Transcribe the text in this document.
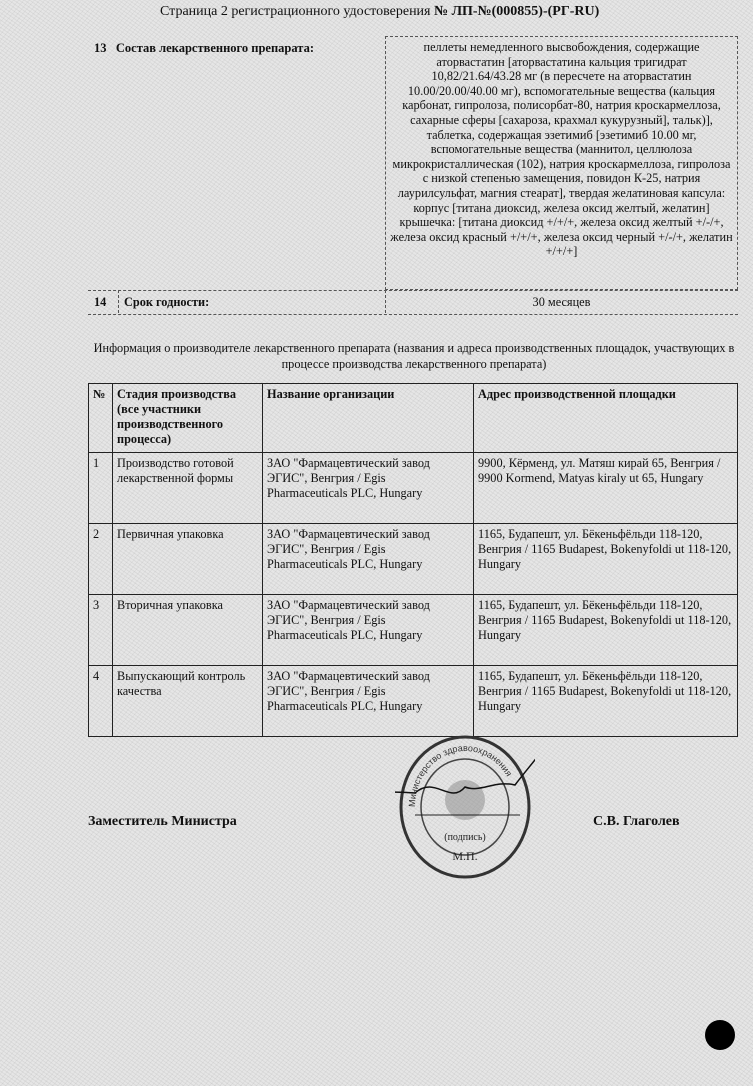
Страница 2 регистрационного удостоверения № ЛП-№(000855)-(РГ-RU)
13 Состав лекарственного препарата:	пеллеты немедленного высвобождения, содержащие аторвастатин [аторвастатина кальция тригидрат 10,82/21.64/43.28 мг (в пересчете на аторвастатин 10.00/20.00/40.00 мг), вспомогательные вещества (кальция карбонат, гипролоза, полисорбат-80, натрия кроскармеллоза, сахарные сферы [сахароза, крахмал кукурузный], тальк)], таблетка, содержащая эзетимиб [эзетимиб 10.00 мг, вспомогательные вещества (маннитол, целлюлоза микрокристаллическая (102), натрия кроскармеллоза, гипролоза с низкой степенью замещения, повидон К-25, натрия лаурилсульфат, магния стеарат], твердая желатиновая капсула: корпус [титана диоксид, железа оксид желтый, желатин] крышечка: [титана диоксид +/+/+, железа оксид желтый +/-/+, железа оксид красный +/+/+, железа оксид черный +/-/+, желатин +/+/+]
14 Срок годности:	30 месяцев
Информация о производителе лекарственного препарата (названия и адреса производственных площадок, участвующих в процессе производства лекарственного препарата)
№	Стадия производства (все участники производственного процесса)	Название организации	Адрес производственной площадки
1	Производство готовой лекарственной формы	ЗАО "Фармацевтический завод ЭГИС", Венгрия / Egis Pharmaceuticals PLC, Hungary	9900, Кёрменд, ул. Матяш кирай 65, Венгрия / 9900 Kormend, Matyas kiraly ut 65, Hungary
2	Первичная упаковка	ЗАО "Фармацевтический завод ЭГИС", Венгрия / Egis Pharmaceuticals PLC, Hungary	1165, Будапешт, ул. Бёкеньфёльди 118-120, Венгрия / 1165 Budapest, Bokenyfoldi ut 118-120, Hungary
3	Вторичная упаковка	ЗАО "Фармацевтический завод ЭГИС", Венгрия / Egis Pharmaceuticals PLC, Hungary	1165, Будапешт, ул. Бёкеньфёльди 118-120, Венгрия / 1165 Budapest, Bokenyfoldi ut 118-120, Hungary
4	Выпускающий контроль качества	ЗАО "Фармацевтический завод ЭГИС", Венгрия / Egis Pharmaceuticals PLC, Hungary	1165, Будапешт, ул. Бёкеньфёльди 118-120, Венгрия / 1165 Budapest, Bokenyfoldi ut 118-120, Hungary
Заместитель Министра	С.В. Глаголев
Министерство здравоохранения
(подпись)
М.П.
